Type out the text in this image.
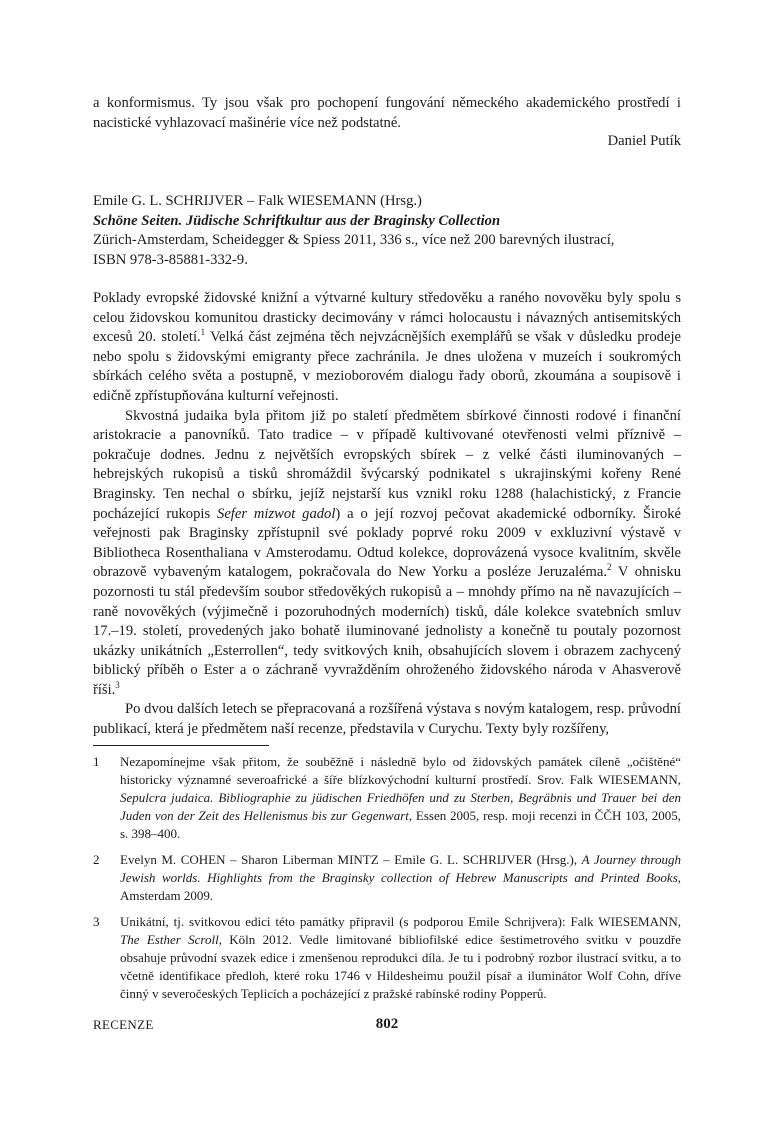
a konformismus. Ty jsou však pro pochopení fungování německého akademického prostředí i nacistické vyhlazovací mašinérie více než podstatné.
Daniel Putík
Emile G. L. SCHRIJVER – Falk WIESEMANN (Hrsg.)
Schöne Seiten. Jüdische Schriftkultur aus der Braginsky Collection
Zürich-Amsterdam, Scheidegger & Spiess 2011, 336 s., více než 200 barevných ilustrací,
ISBN 978-3-85881-332-9.

Poklady evropské židovské knižní a výtvarné kultury středověku a raného novověku byly spolu s celou židovskou komunitou drasticky decimovány v rámci holocaustu i návazných antisemitských excesů 20. století.$^1$ Velká část zejména těch nejvzácnějších exemplářů se však v důsledku prodeje nebo spolu s židovskými emigranty přece zachránila. Je dnes uložena v muzeích i soukromých sbírkách celého světa a postupně, v mezioborovém dialogu řady oborů, zkoumána a soupisově i edičně zpřístupňována kulturní veřejnosti.

Skvostná judaika byla přitom již po staletí předmětem sbírkové činnosti rodové i finanční aristokracie a panovníků. Tato tradice – v případě kultivované otevřenosti velmi příznivě – pokračuje dodnes. Jednu z největších evropských sbírek – z velké části iluminovaných – hebrejských rukopisů a tisků shromáždil švýcarský podnikatel s ukrajinskými kořeny René Braginsky. Ten nechal o sbírku, jejíž nejstarší kus vznikl roku 1288 (halachistický, z Francie pocházející rukopis Sefer mizwot gadol) a o její rozvoj pečovat akademické odborníky. Široké veřejnosti pak Braginsky zpřístupnil své poklady poprvé roku 2009 v exkluzivní výstavě v Bibliotheca Rosenthaliana v Amsterodamu. Odtud kolekce, doprovázená vysoce kvalitním, skvěle obrazově vybaveným katalogem, pokračovala do New Yorku a posléze Jeruzaléma.$^2$ V ohnisku pozornosti tu stál především soubor středověkých rukopisů a – mnohdy přímo na ně navazujících – raně novověkých (výjimečně i pozoruhodných moderních) tisků, dále kolekce svatebních smluv 17.–19. století, provedených jako bohatě iluminované jednolisty a konečně tu poutaly pozornost ukázky unikátních „Esterrollen“, tedy svitkových knih, obsahujících slovem i obrazem zachycený biblický příběh o Ester a o záchraně vyvražděním ohroženého židovského národa v Ahasverově říši.$^3$

Po dvou dalších letech se přepracovaná a rozšířená výstava s novým katalogem, resp. průvodní publikací, která je předmětem naší recenze, představila v Curychu. Texty byly rozšířeny,

1	Nezapomínejme však přitom, že souběžně i následně bylo od židovských památek cíleně „očištěné“ historicky významné severoafrické a šíře blízkovýchodní kulturní prostředí. Srov. Falk WIESEMANN, Sepulcra judaica. Bibliographie zu jüdischen Friedhöfen und zu Sterben, Begräbnis und Trauer bei den Juden von der Zeit des Hellenismus bis zur Gegenwart, Essen 2005, resp. moji recenzi in ČČH 103, 2005, s. 398–400.
2	Evelyn M. COHEN – Sharon Liberman MINTZ – Emile G. L. SCHRIJVER (Hrsg.), A Journey through Jewish worlds. Highlights from the Braginsky collection of Hebrew Manuscripts and Printed Books, Amsterdam 2009.
3	Unikátní, tj. svitkovou edici této památky připravil (s podporou Emile Schrijvera): Falk WIESEMANN, The Esther Scroll, Köln 2012. Vedle limitované bibliofilské edice šestimetrového svitku v pouzdře obsahuje průvodní svazek edice i zmenšenou reprodukci díla. Je tu i podrobný rozbor ilustrací svitku, a to včetně identifikace předloh, které roku 1746 v Hildesheimu použil písař a iluminátor Wolf Cohn, dříve činný v severočeských Teplicích a pocházející z pražské rabínské rodiny Popperů.
RECENZE	802
